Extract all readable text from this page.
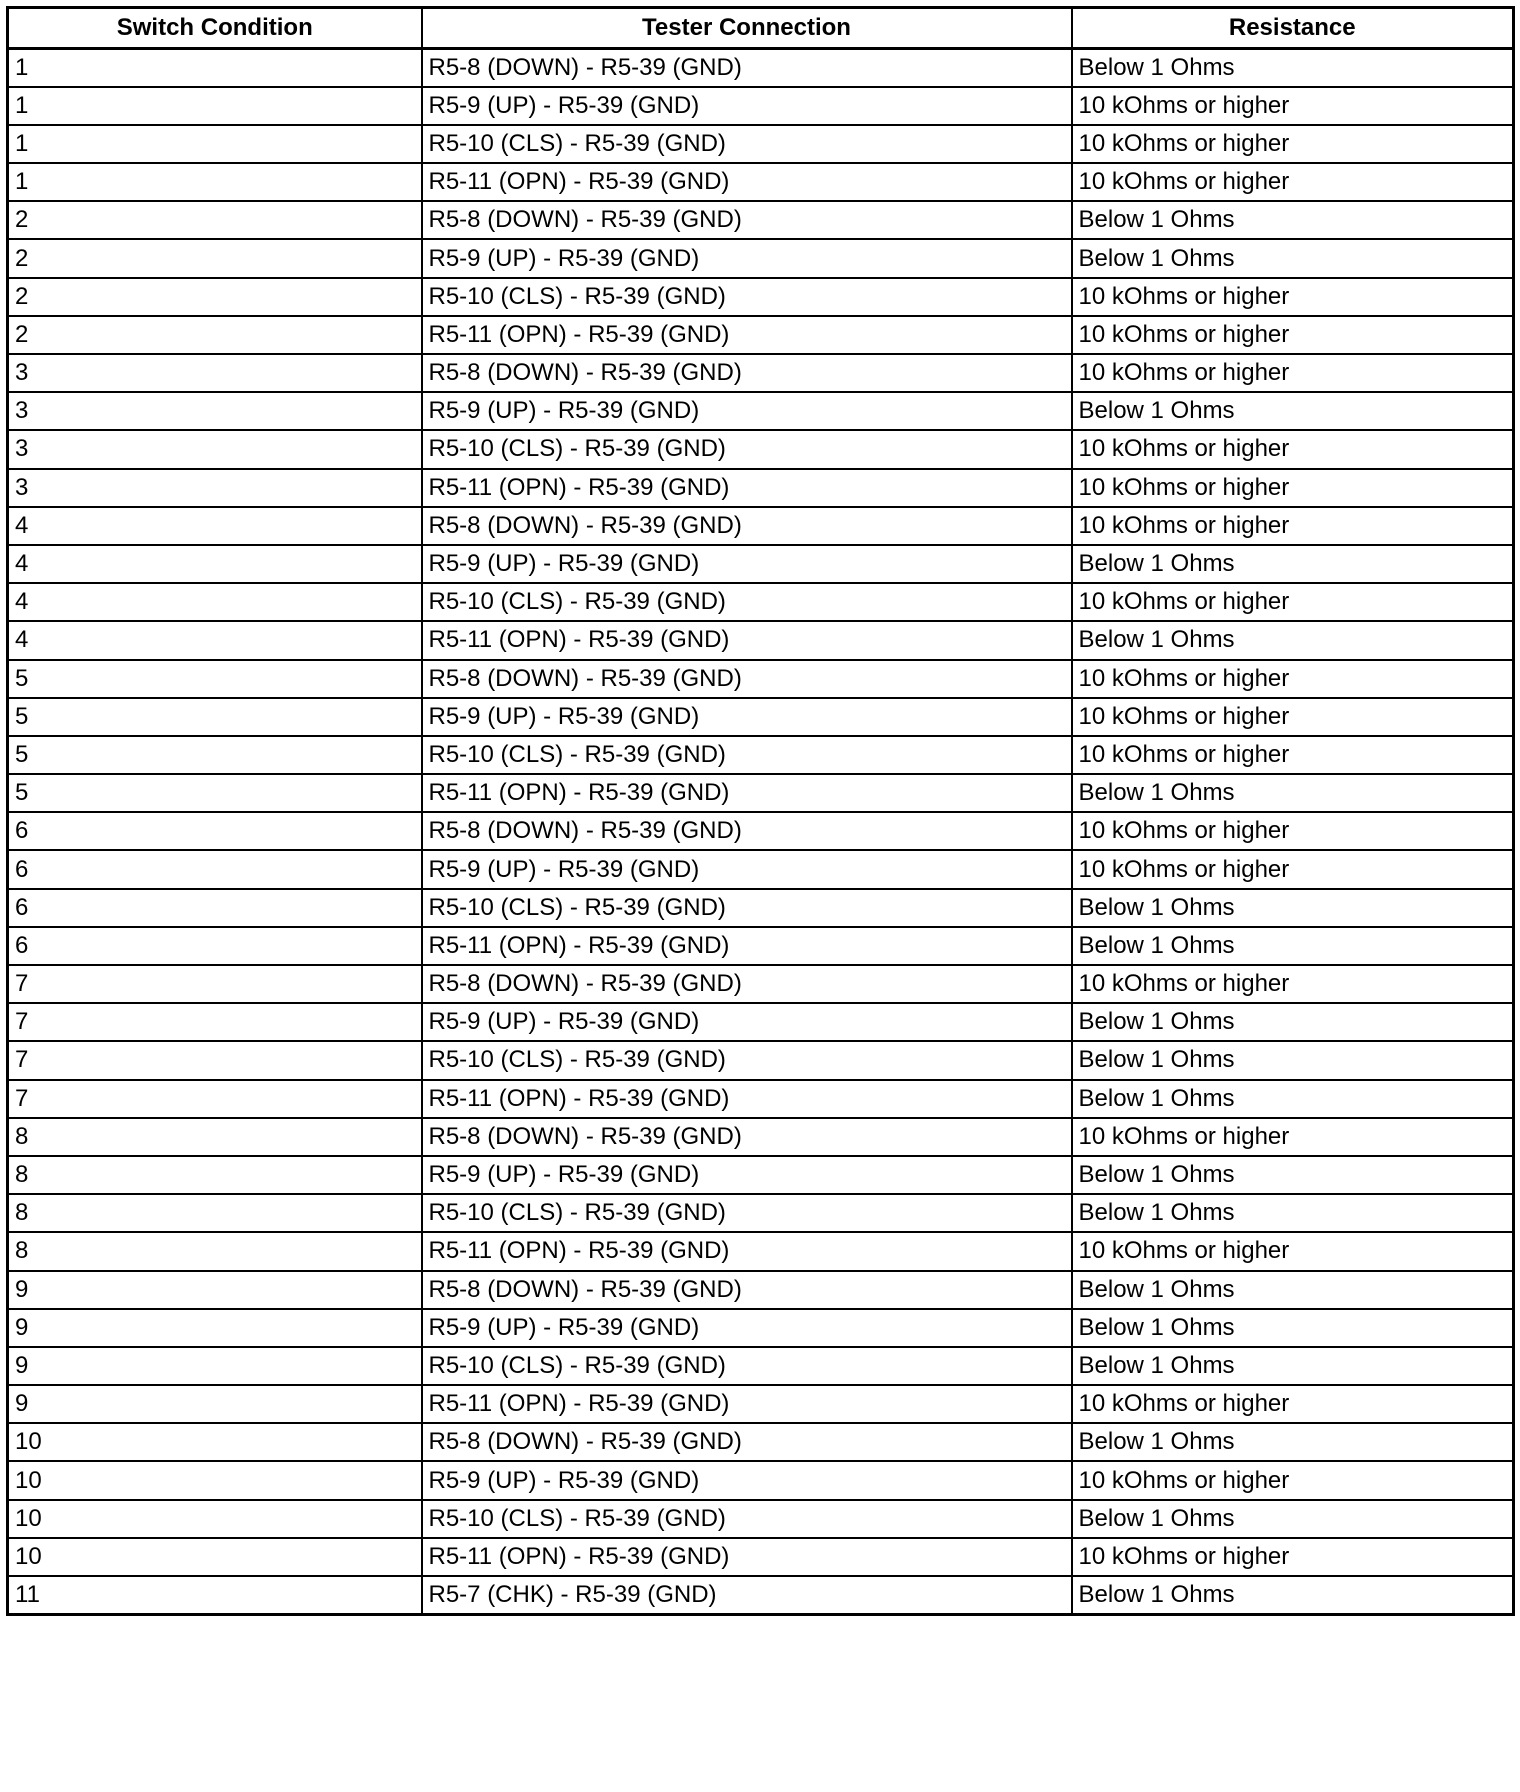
Switch Condition	Tester Connection	Resistance
1	R5-8 (DOWN) - R5-39 (GND)	Below 1 Ohms
1	R5-9 (UP) - R5-39 (GND)	10 kOhms or higher
1	R5-10 (CLS) - R5-39 (GND)	10 kOhms or higher
1	R5-11 (OPN) - R5-39 (GND)	10 kOhms or higher
2	R5-8 (DOWN) - R5-39 (GND)	Below 1 Ohms
2	R5-9 (UP) - R5-39 (GND)	Below 1 Ohms
2	R5-10 (CLS) - R5-39 (GND)	10 kOhms or higher
2	R5-11 (OPN) - R5-39 (GND)	10 kOhms or higher
3	R5-8 (DOWN) - R5-39 (GND)	10 kOhms or higher
3	R5-9 (UP) - R5-39 (GND)	Below 1 Ohms
3	R5-10 (CLS) - R5-39 (GND)	10 kOhms or higher
3	R5-11 (OPN) - R5-39 (GND)	10 kOhms or higher
4	R5-8 (DOWN) - R5-39 (GND)	10 kOhms or higher
4	R5-9 (UP) - R5-39 (GND)	Below 1 Ohms
4	R5-10 (CLS) - R5-39 (GND)	10 kOhms or higher
4	R5-11 (OPN) - R5-39 (GND)	Below 1 Ohms
5	R5-8 (DOWN) - R5-39 (GND)	10 kOhms or higher
5	R5-9 (UP) - R5-39 (GND)	10 kOhms or higher
5	R5-10 (CLS) - R5-39 (GND)	10 kOhms or higher
5	R5-11 (OPN) - R5-39 (GND)	Below 1 Ohms
6	R5-8 (DOWN) - R5-39 (GND)	10 kOhms or higher
6	R5-9 (UP) - R5-39 (GND)	10 kOhms or higher
6	R5-10 (CLS) - R5-39 (GND)	Below 1 Ohms
6	R5-11 (OPN) - R5-39 (GND)	Below 1 Ohms
7	R5-8 (DOWN) - R5-39 (GND)	10 kOhms or higher
7	R5-9 (UP) - R5-39 (GND)	Below 1 Ohms
7	R5-10 (CLS) - R5-39 (GND)	Below 1 Ohms
7	R5-11 (OPN) - R5-39 (GND)	Below 1 Ohms
8	R5-8 (DOWN) - R5-39 (GND)	10 kOhms or higher
8	R5-9 (UP) - R5-39 (GND)	Below 1 Ohms
8	R5-10 (CLS) - R5-39 (GND)	Below 1 Ohms
8	R5-11 (OPN) - R5-39 (GND)	10 kOhms or higher
9	R5-8 (DOWN) - R5-39 (GND)	Below 1 Ohms
9	R5-9 (UP) - R5-39 (GND)	Below 1 Ohms
9	R5-10 (CLS) - R5-39 (GND)	Below 1 Ohms
9	R5-11 (OPN) - R5-39 (GND)	10 kOhms or higher
10	R5-8 (DOWN) - R5-39 (GND)	Below 1 Ohms
10	R5-9 (UP) - R5-39 (GND)	10 kOhms or higher
10	R5-10 (CLS) - R5-39 (GND)	Below 1 Ohms
10	R5-11 (OPN) - R5-39 (GND)	10 kOhms or higher
11	R5-7 (CHK) - R5-39 (GND)	Below 1 Ohms
